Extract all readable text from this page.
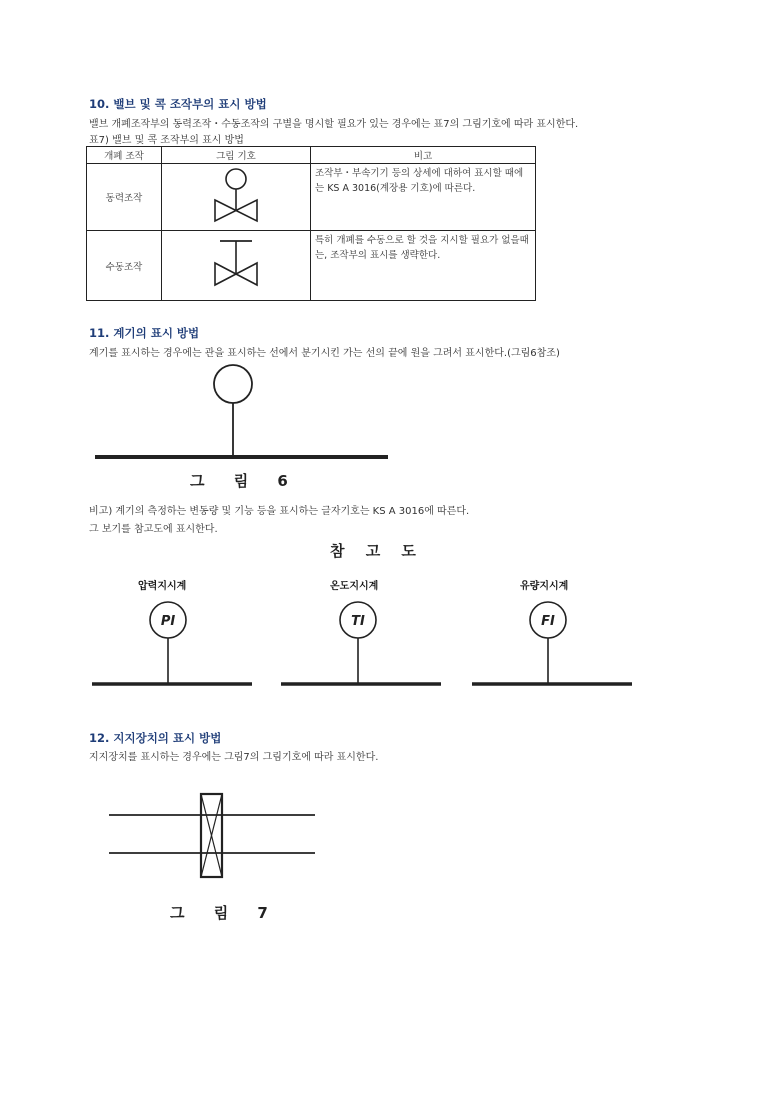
10. 밸브 및 콕 조작부의 표시 방법
밸브 개폐조작부의 동력조작・수동조작의 구별을 명시할 필요가 있는 경우에는 표7의 그림기호에 따라 표시한다.
표7) 밸브 및 콕 조작부의 표시 방법
개폐 조작	그림 기호	비고
동력조작		조작부・부속기기 등의 상세에 대하여 표시할 때에는 KS A 3016(계장용 기호)에 따른다.
수동조작		특히 개폐를 수동으로 할 것을 지시할 필요가 없을때는, 조작부의 표시를 생략한다.
11. 계기의 표시 방법
계기를 표시하는 경우에는 관을 표시하는 선에서 분기시킨 가는 선의 끝에 원을 그려서 표시한다.(그림6참조)
그 림 6
비고) 계기의 측정하는 변동량 및 기능 등을 표시하는 글자기호는 KS A 3016에 따른다.
그 보기를 참고도에 표시한다.
참 고 도
압력지시계
PI
온도지시계
TI
유량지시계
FI
12. 지지장치의 표시 방법
지지장치를 표시하는 경우에는 그림7의 그림기호에 따라 표시한다.
그 림 7
